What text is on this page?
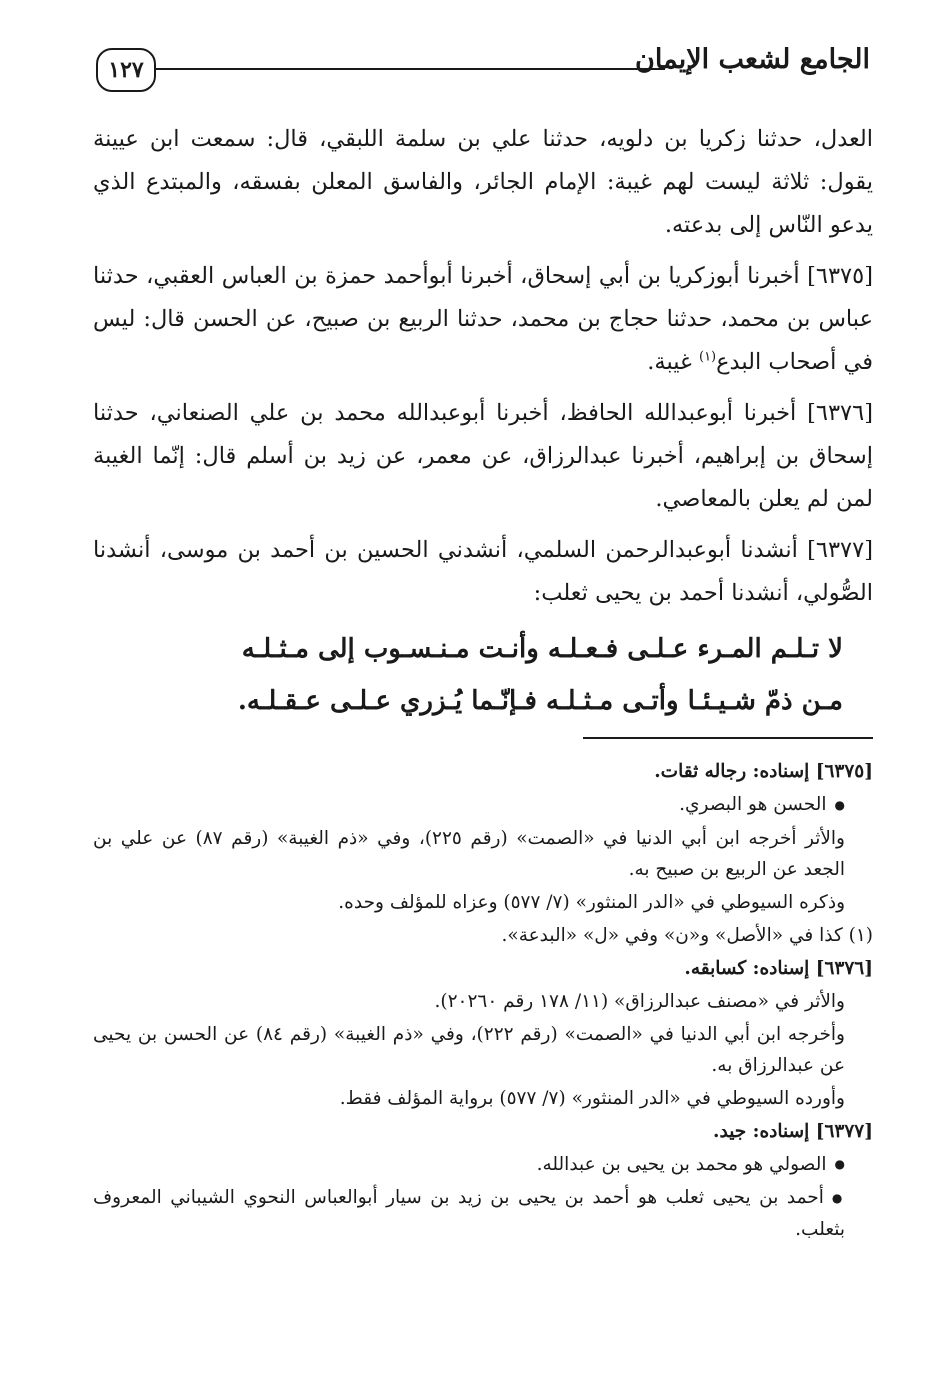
الجامع لشعب الإيمان
١٢٧

العدل، حدثنا زكريا بن دلويه، حدثنا علي بن سلمة اللبقي، قال: سمعت ابن عيينة يقول: ثلاثة ليست لهم غيبة: الإمام الجائر، والفاسق المعلن بفسقه، والمبتدع الذي يدعو النّاس إلى بدعته.

[٦٣٧٥] أخبرنا أبوزكريا بن أبي إسحاق، أخبرنا أبوأحمد حمزة بن العباس العقبي، حدثنا عباس بن محمد، حدثنا حجاج بن محمد، حدثنا الربيع بن صبيح، عن الحسن قال: ليس في أصحاب البدع$^{(١)}$ غيبة.

[٦٣٧٦] أخبرنا أبوعبدالله الحافظ، أخبرنا أبوعبدالله محمد بن علي الصنعاني، حدثنا إسحاق بن إبراهيم، أخبرنا عبدالرزاق، عن معمر، عن زيد بن أسلم قال: إنّما الغيبة لمن لم يعلن بالمعاصي.

[٦٣٧٧] أنشدنا أبوعبدالرحمن السلمي، أنشدني الحسين بن أحمد بن موسى، أنشدنا الصُّولي، أنشدنا أحمد بن يحيى ثعلب:

لا تـلـم المـرء عـلـى فـعـلـه وأنـت مـنـسـوب إلى مـثـلـه
مـن ذمّ شـيـئـا وأتـى مـثـلـه فـإنّـما يُـزري عـلـى عـقـلـه.

[٦٣٧٥] إسناده: رجاله ثقات.

● الحسن هو البصري.

والأثر أخرجه ابن أبي الدنيا في «الصمت» (رقم ٢٢٥)، وفي «ذم الغيبة» (رقم ٨٧) عن علي بن الجعد عن الربيع بن صبيح به.

وذكره السيوطي في «الدر المنثور» (٧/ ٥٧٧) وعزاه للمؤلف وحده.

(١) كذا في «الأصل» و«ن» وفي «ل» «البدعة».

[٦٣٧٦] إسناده: كسابقه.

والأثر في «مصنف عبدالرزاق» (١١/ ١٧٨ رقم ٢٠٢٦٠).

وأخرجه ابن أبي الدنيا في «الصمت» (رقم ٢٢٢)، وفي «ذم الغيبة» (رقم ٨٤) عن الحسن بن يحيى عن عبدالرزاق به.

وأورده السيوطي في «الدر المنثور» (٧/ ٥٧٧) برواية المؤلف فقط.

[٦٣٧٧] إسناده: جيد.

● الصولي هو محمد بن يحيى بن عبدالله.

● أحمد بن يحيى ثعلب هو أحمد بن يحيى بن زيد بن سيار أبوالعباس النحوي الشيباني المعروف بثعلب.
